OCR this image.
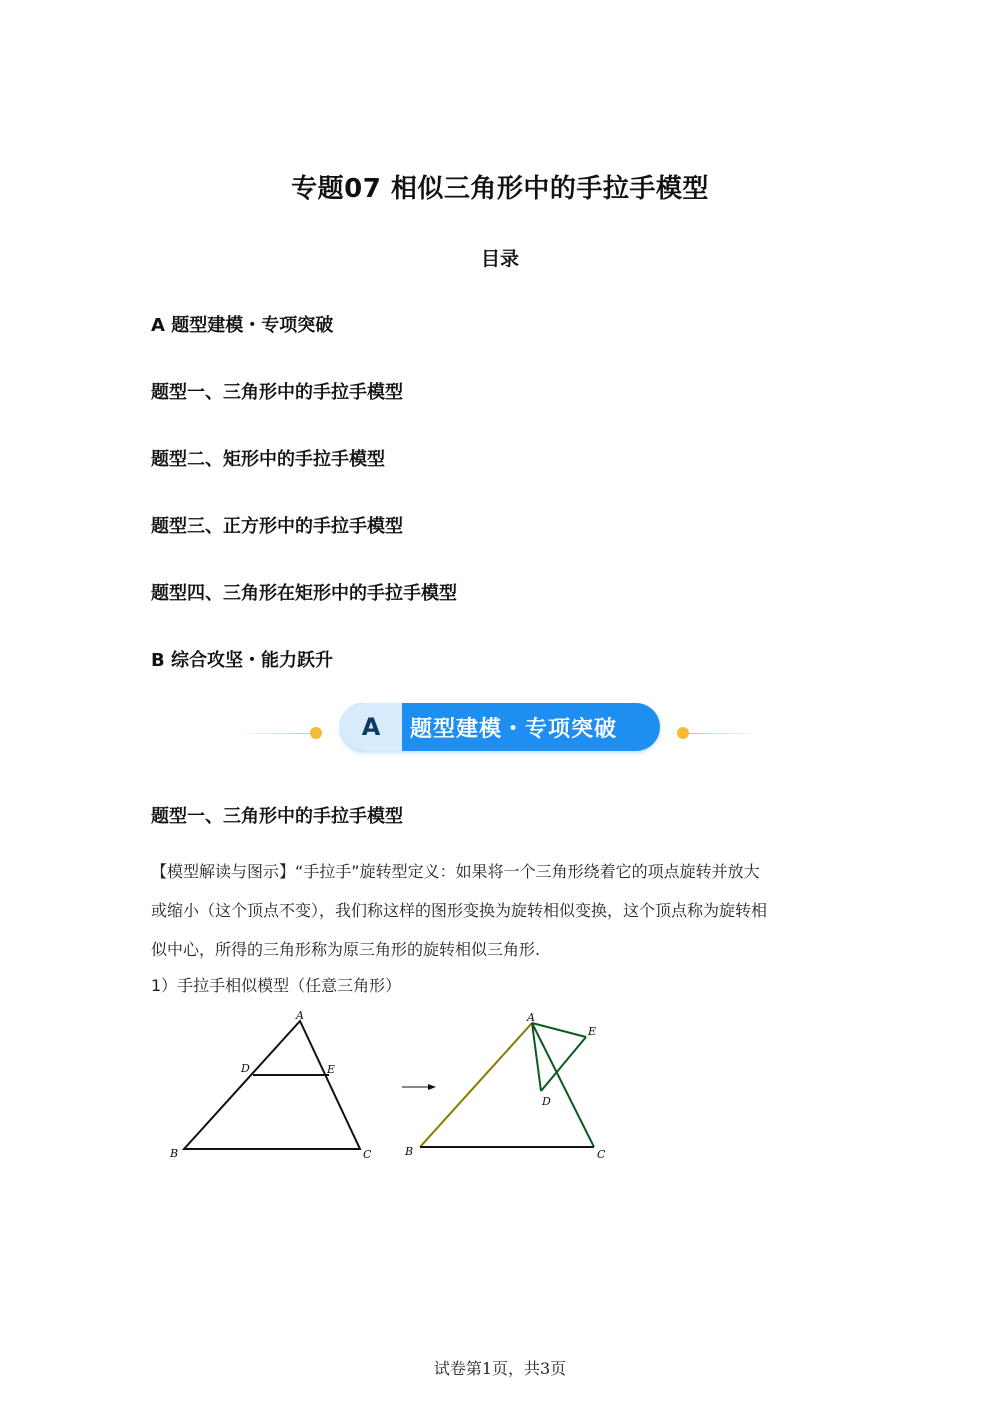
专题07 相似三角形中的手拉手模型
目录
A 题型建模・专项突破
题型一、三角形中的手拉手模型
题型二、矩形中的手拉手模型
题型三、正方形中的手拉手模型
题型四、三角形在矩形中的手拉手模型
B 综合攻坚・能力跃升
A	题型建模・专项突破
题型一、三角形中的手拉手模型
【模型解读与图示】“手拉手”旋转型定义：如果将一个三角形绕着它的项点旋转并放大
或缩小（这个顶点不变），我们称这样的图形变换为旋转相似变换，这个顶点称为旋转相
似中心，所得的三角形称为原三角形的旋转相似三角形.
1）手拉手相似模型（任意三角形）
A
D	E
B	C
A
E
D
B	C
试卷第1页，共3页
